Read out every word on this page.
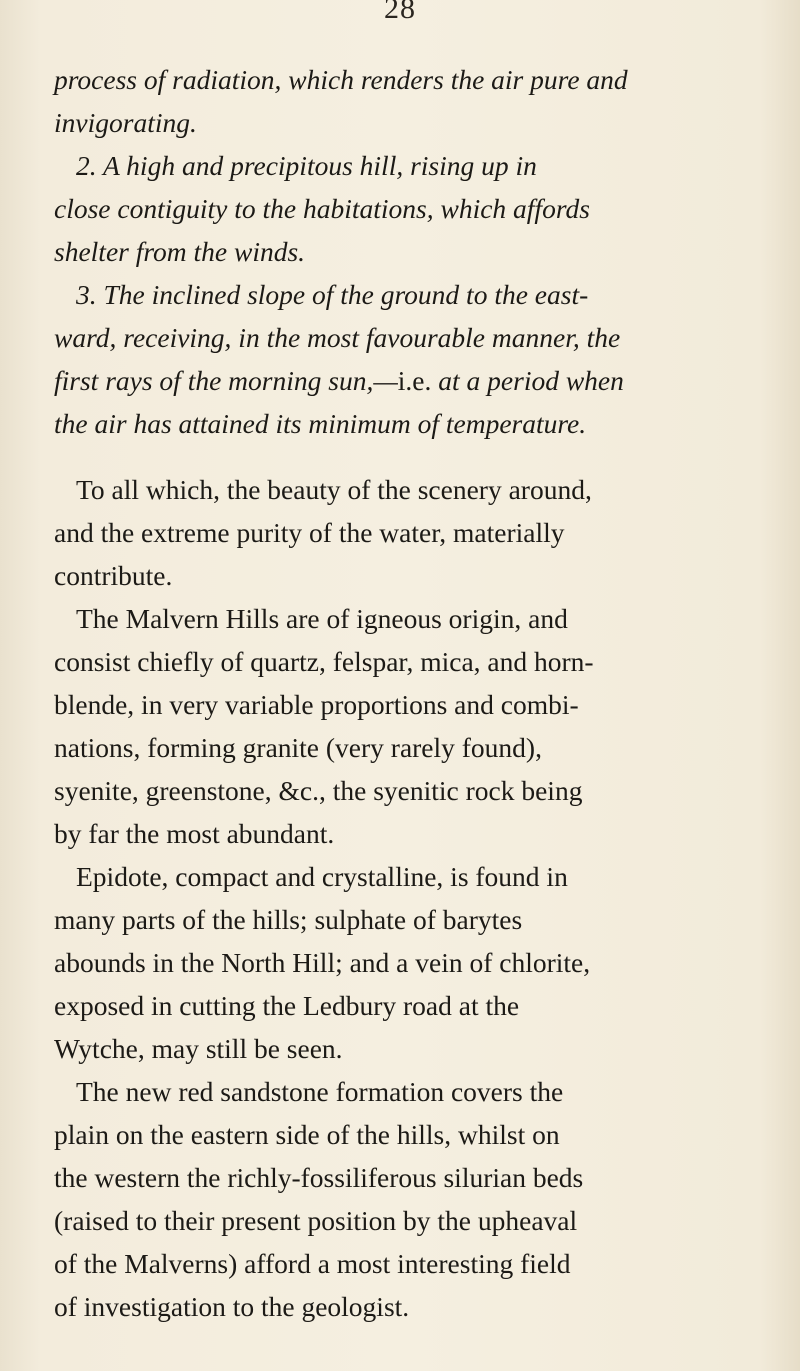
28
process of radiation, which renders the air pure and
invigorating.
2. A high and precipitous hill, rising up in
close contiguity to the habitations, which affords
shelter from the winds.
3. The inclined slope of the ground to the east-
ward, receiving, in the most favourable manner, the
first rays of the morning sun,—i.e. at a period when
the air has attained its minimum of temperature.
To all which, the beauty of the scenery around,
and the extreme purity of the water, materially
contribute.
The Malvern Hills are of igneous origin, and
consist chiefly of quartz, felspar, mica, and horn-
blende, in very variable proportions and combi-
nations, forming granite (very rarely found),
syenite, greenstone, &c., the syenitic rock being
by far the most abundant.
Epidote, compact and crystalline, is found in
many parts of the hills; sulphate of barytes
abounds in the North Hill; and a vein of chlorite,
exposed in cutting the Ledbury road at the
Wytche, may still be seen.
The new red sandstone formation covers the
plain on the eastern side of the hills, whilst on
the western the richly-fossiliferous silurian beds
(raised to their present position by the upheaval
of the Malverns) afford a most interesting field
of investigation to the geologist.
